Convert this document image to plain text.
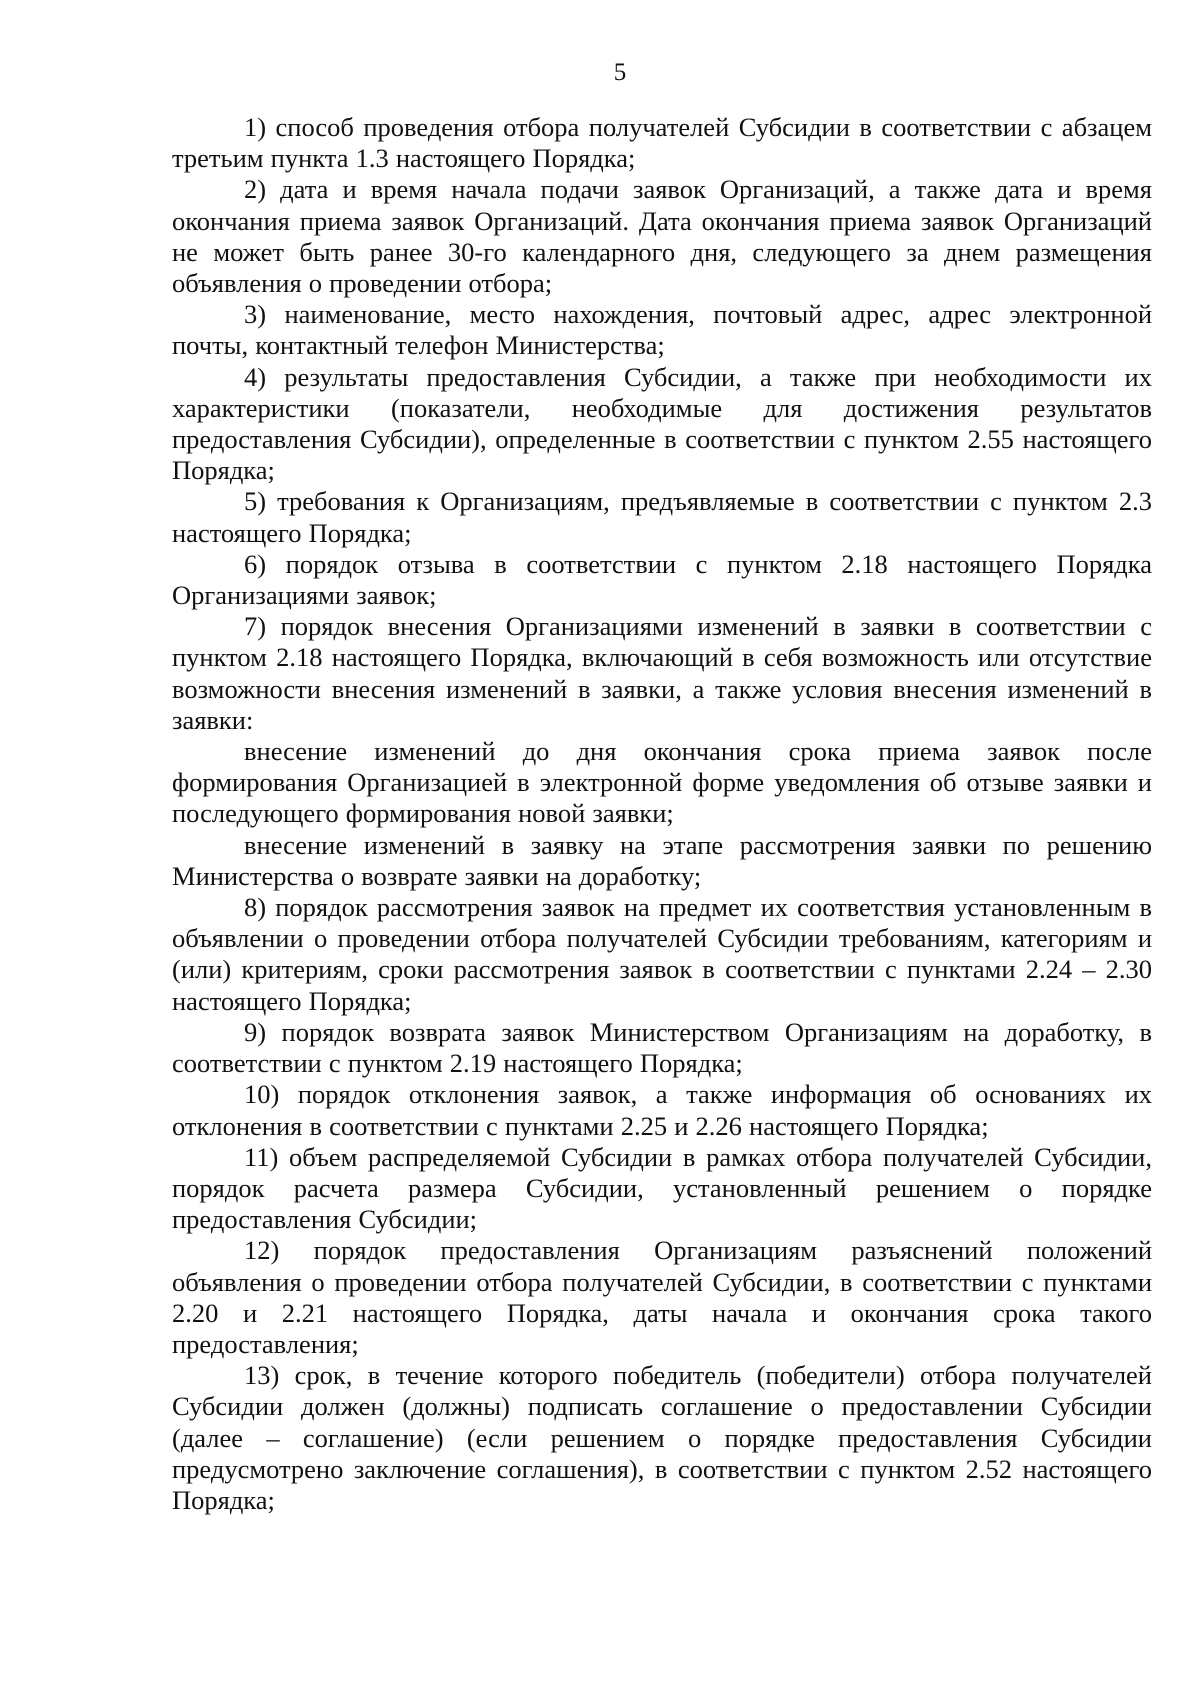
5

1) способ проведения отбора получателей Субсидии в соответствии с абзацем третьим пункта 1.3 настоящего Порядка;

2) дата и время начала подачи заявок Организаций, а также дата и время окончания приема заявок Организаций. Дата окончания приема заявок Организаций не может быть ранее 30-го календарного дня, следующего за днем размещения объявления о проведении отбора;

3) наименование, место нахождения, почтовый адрес, адрес электронной почты, контактный телефон Министерства;

4) результаты предоставления Субсидии, а также при необходимости их характеристики (показатели, необходимые для достижения результатов предоставления Субсидии), определенные в соответствии с пунктом 2.55 настоящего Порядка;

5) требования к Организациям, предъявляемые в соответствии с пунктом 2.3 настоящего Порядка;

6) порядок отзыва в соответствии с пунктом 2.18 настоящего Порядка Организациями заявок;

7) порядок внесения Организациями изменений в заявки в соответствии с пунктом 2.18 настоящего Порядка, включающий в себя возможность или отсутствие возможности внесения изменений в заявки, а также условия внесения изменений в заявки:

внесение изменений до дня окончания срока приема заявок после формирования Организацией в электронной форме уведомления об отзыве заявки и последующего формирования новой заявки;

внесение изменений в заявку на этапе рассмотрения заявки по решению Министерства о возврате заявки на доработку;

8) порядок рассмотрения заявок на предмет их соответствия установленным в объявлении о проведении отбора получателей Субсидии требованиям, категориям и (или) критериям, сроки рассмотрения заявок в соответствии с пунктами 2.24 – 2.30 настоящего Порядка;

9) порядок возврата заявок Министерством Организациям на доработку, в соответствии с пунктом 2.19 настоящего Порядка;

10) порядок отклонения заявок, а также информация об основаниях их отклонения в соответствии с пунктами 2.25 и 2.26 настоящего Порядка;

11) объем распределяемой Субсидии в рамках отбора получателей Субсидии, порядок расчета размера Субсидии, установленный решением о порядке предоставления Субсидии;

12) порядок предоставления Организациям разъяснений положений объявления о проведении отбора получателей Субсидии, в соответствии с пунктами 2.20 и 2.21 настоящего Порядка, даты начала и окончания срока такого предоставления;

13) срок, в течение которого победитель (победители) отбора получателей Субсидии должен (должны) подписать соглашение о предоставлении Субсидии (далее – соглашение) (если решением о порядке предоставления Субсидии предусмотрено заключение соглашения), в соответствии с пунктом 2.52 настоящего Порядка;
